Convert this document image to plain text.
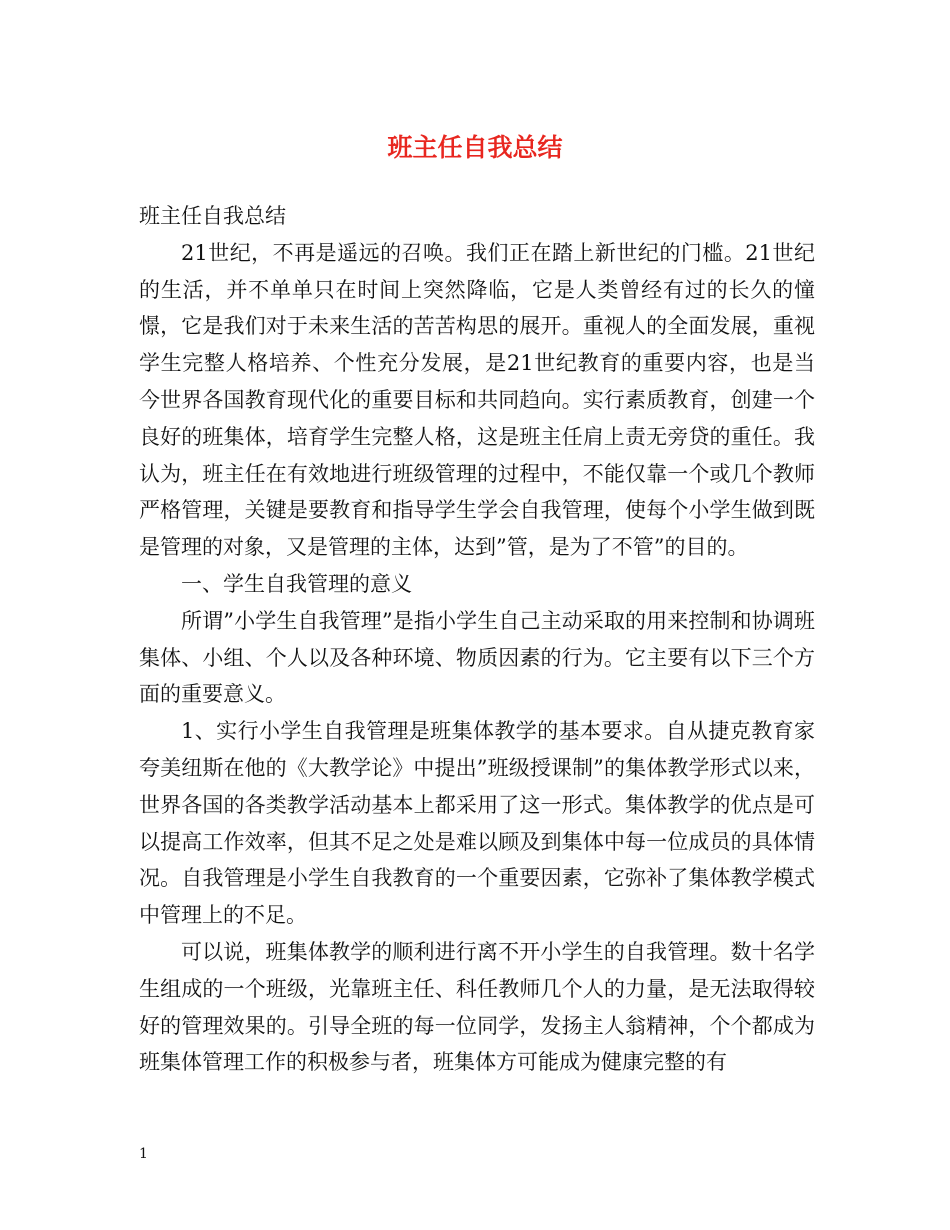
班主任自我总结

班主任自我总结

21世纪，不再是遥远的召唤。我们正在踏上新世纪的门槛。21世纪的生活，并不单单只在时间上突然降临，它是人类曾经有过的长久的憧憬，它是我们对于未来生活的苦苦构思的展开。重视人的全面发展，重视学生完整人格培养、个性充分发展，是21世纪教育的重要内容，也是当今世界各国教育现代化的重要目标和共同趋向。实行素质教育，创建一个良好的班集体，培育学生完整人格，这是班主任肩上责无旁贷的重任。我认为，班主任在有效地进行班级管理的过程中，不能仅靠一个或几个教师严格管理，关键是要教育和指导学生学会自我管理，使每个小学生做到既是管理的对象，又是管理的主体，达到”管，是为了不管”的目的。

一、学生自我管理的意义

所谓”小学生自我管理”是指小学生自己主动采取的用来控制和协调班集体、小组、个人以及各种环境、物质因素的行为。它主要有以下三个方面的重要意义。

1、实行小学生自我管理是班集体教学的基本要求。自从捷克教育家夸美纽斯在他的《大教学论》中提出”班级授课制”的集体教学形式以来，世界各国的各类教学活动基本上都采用了这一形式。集体教学的优点是可以提高工作效率，但其不足之处是难以顾及到集体中每一位成员的具体情况。自我管理是小学生自我教育的一个重要因素，它弥补了集体教学模式中管理上的不足。

可以说，班集体教学的顺利进行离不开小学生的自我管理。数十名学生组成的一个班级，光靠班主任、科任教师几个人的力量，是无法取得较好的管理效果的。引导全班的每一位同学，发扬主人翁精神，个个都成为班集体管理工作的积极参与者，班集体方可能成为健康完整的有

1
